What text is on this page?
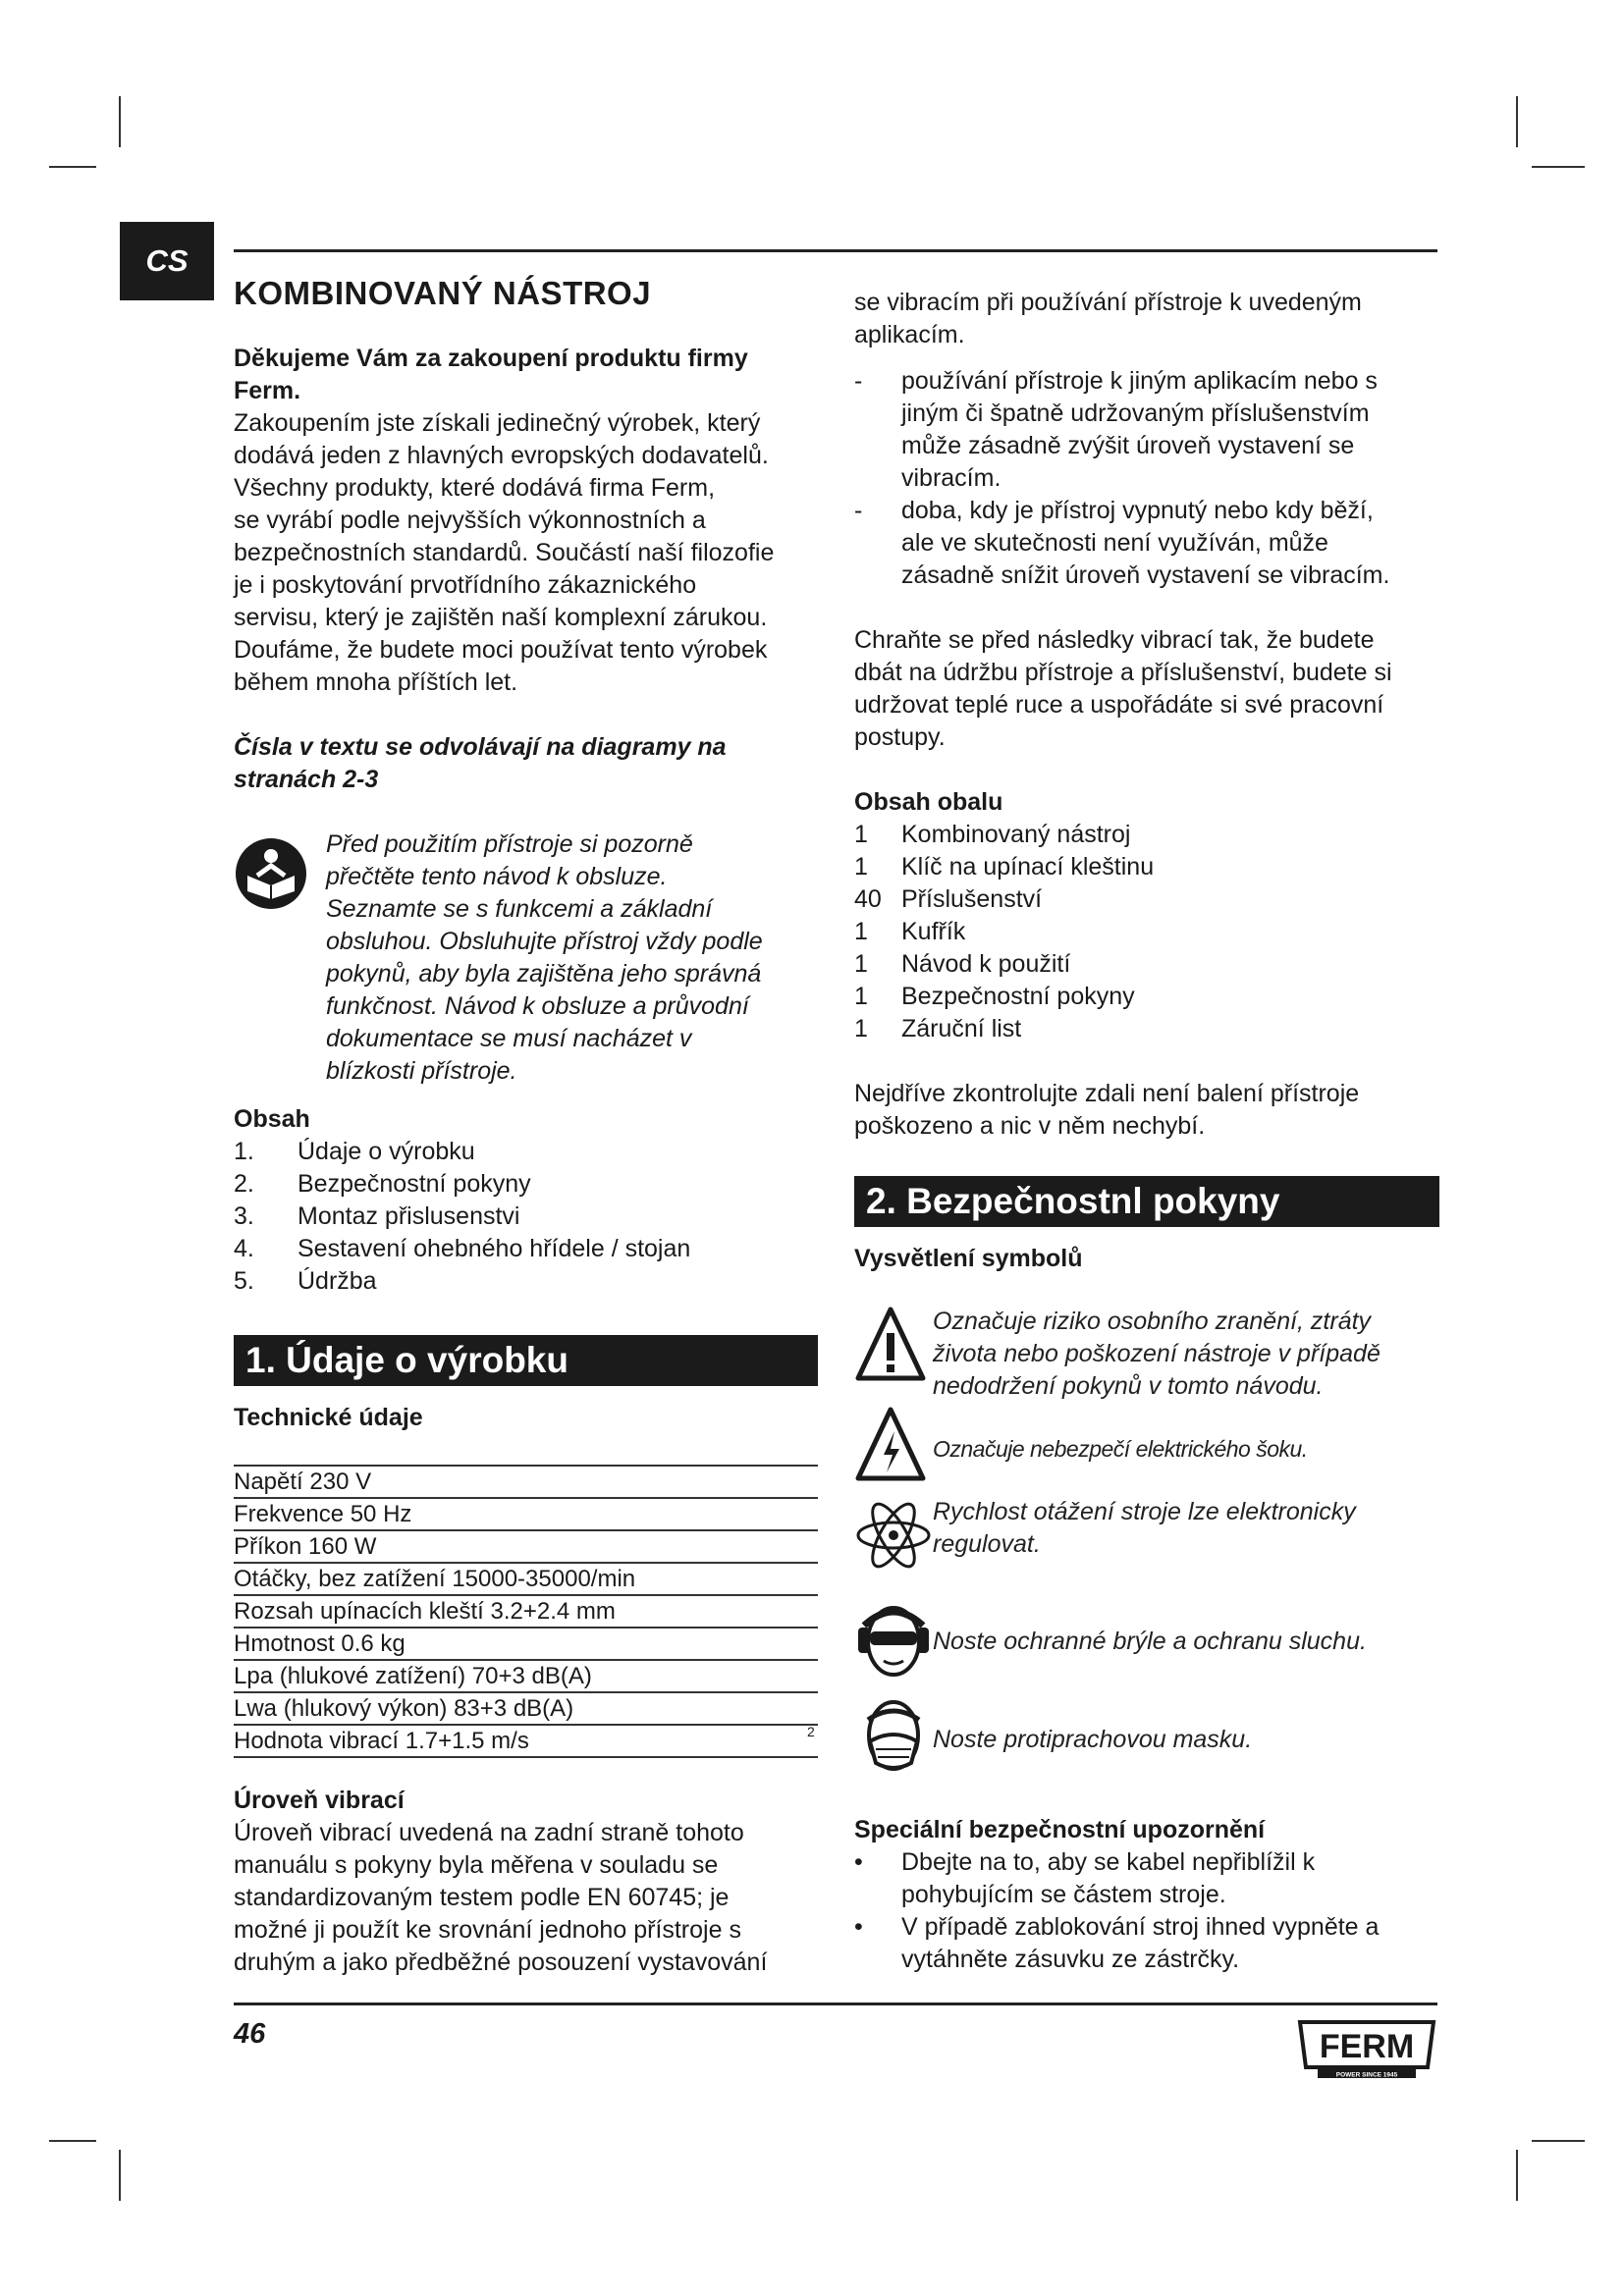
CS
KOMBINOVANÝ NÁSTROJ

Děkujeme Vám za zakoupení produktu firmy

Ferm.

Zakoupením jste získali jedinečný výrobek, který

dodává jeden z hlavných evropských dodavatelů.

Všechny produkty, které dodává firma Ferm,

se vyrábí podle nejvyšších výkonnostních a

bezpečnostních standardů. Součástí naší filozofie

je i poskytování prvotřídního zákaznického

servisu, který je zajištěn naší komplexní zárukou.

Doufáme, že budete moci používat tento výrobek

během mnoha příštích let.

Čísla v textu se odvolávají na diagramy na

stranách 2-3

Před použitím přístroje si pozorně

přečtěte tento návod k obsluze.

Seznamte se s funkcemi a základní

obsluhou. Obsluhujte přístroj vždy podle

pokynů, aby byla zajištěna jeho správná

funkčnost. Návod k obsluze a průvodní

dokumentace se musí nacházet v

blízkosti přístroje.

Obsah

1.	Údaje o výrobku
2.	Bezpečnostní pokyny
3.	Montaz přislusenstvi
4.	Sestavení ohebného hřídele / stojan
5.	Údržba
1. Údaje o výrobku
Technické údaje
Napětí 230 V
Frekvence 50 Hz
Příkon 160 W
Otáčky, bez zatížení 15000-35000/min
Rozsah upínacích kleští 3.2+2.4 mm
Hmotnost 0.6 kg
Lpa (hlukové zatížení) 70+3 dB(A)
Lwa (hlukový výkon) 83+3 dB(A)
Hodnota vibrací 1.7+1.5 m/s	2

Úroveň vibrací

Úroveň vibrací uvedená na zadní straně tohoto

manuálu s pokyny byla měřena v souladu se

standardizovaným testem podle EN 60745; je

možné ji použít ke srovnání jednoho přístroje s

druhým a jako předběžné posouzení vystavování

se vibracím při používání přístroje k uvedeným

aplikacím.

-	používání přístroje k jiným aplikacím nebo s

jiným či špatně udržovaným příslušenstvím

může zásadně zvýšit úroveň vystavení se

vibracím.

-	doba, kdy je přístroj vypnutý nebo kdy běží,

ale ve skutečnosti není využíván, může

zásadně snížit úroveň vystavení se vibracím.

Chraňte se před následky vibrací tak, že budete

dbát na údržbu přístroje a příslušenství, budete si

udržovat teplé ruce a uspořádáte si své pracovní

postupy.

Obsah obalu

1	Kombinovaný nástroj
1	Klíč na upínací kleštinu
40 Příslušenství
1	Kufřík
1	Návod k použití
1	Bezpečnostní pokyny
1	Záruční list

Nejdříve zkontrolujte zdali není balení přístroje

poškozeno a nic v něm nechybí.

2. Bezpečnostnl pokyny
Vysvětlení symbolů
Označuje riziko osobního zranění, ztráty
života nebo poškození nástroje v případě
nedodržení pokynů v tomto návodu.
Označuje nebezpečí elektrického šoku.
Rychlost otážení stroje lze elektronicky
regulovat.
Noste ochranné brýle a ochranu sluchu.
Noste protiprachovou masku.

Speciální bezpečnostní upozornění

•	Dbejte na to, aby se kabel nepřiblížil k

pohybujícím se částem stroje.

•	V případě zablokování stroj ihned vypněte a

vytáhněte zásuvku ze zástrčky.

46	FERM
POWER SINCE 1945
